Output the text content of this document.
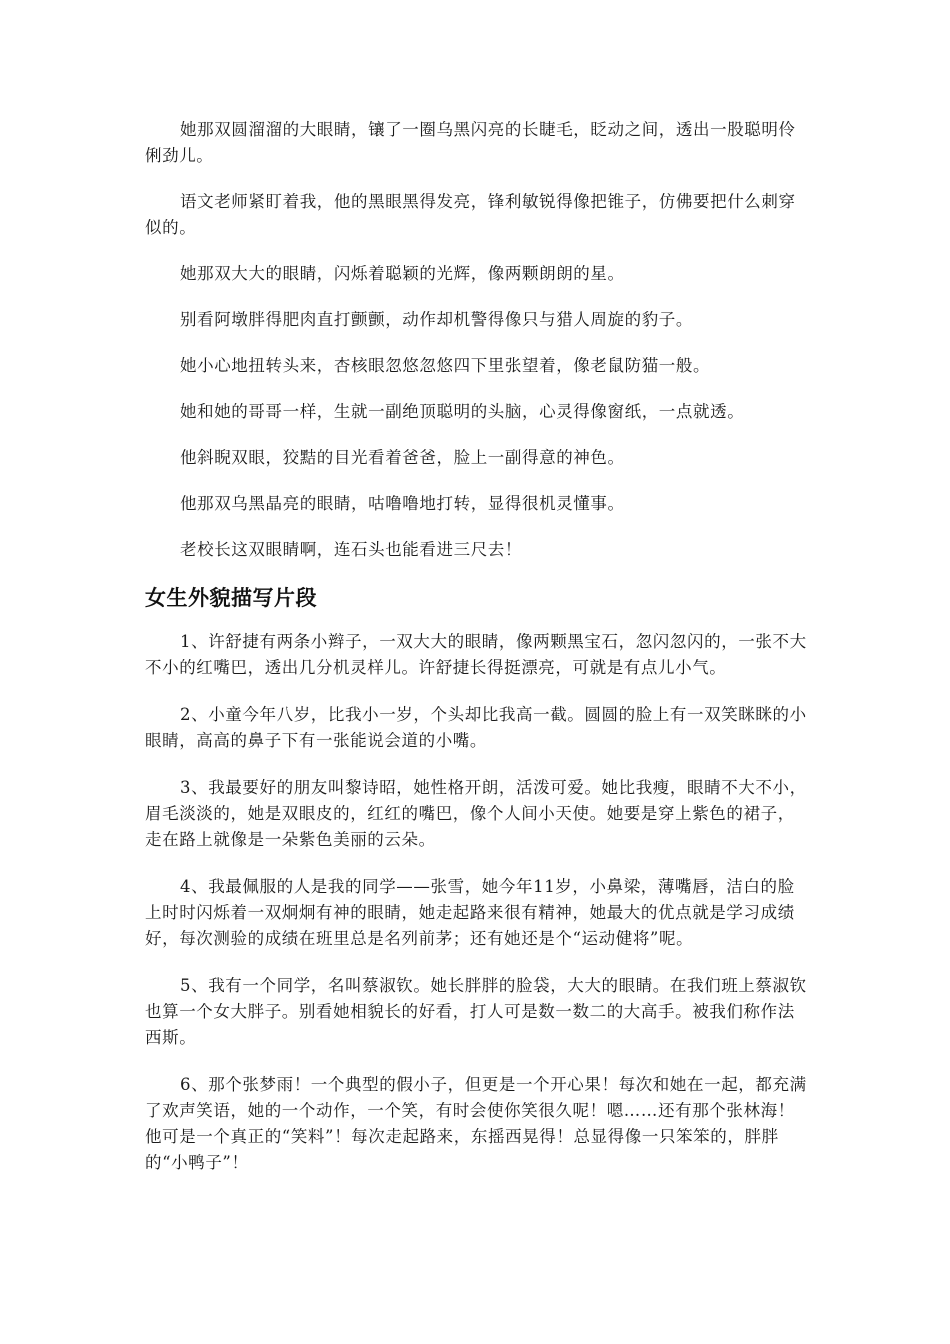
她那双圆溜溜的大眼睛，镶了一圈乌黑闪亮的长睫毛，眨动之间，透出一股聪明伶俐劲儿。

语文老师紧盯着我，他的黑眼黑得发亮，锋利敏锐得像把锥子，仿佛要把什么刺穿似的。

她那双大大的眼睛，闪烁着聪颖的光辉，像两颗朗朗的星。

别看阿墩胖得肥肉直打颤颤，动作却机警得像只与猎人周旋的豹子。

她小心地扭转头来，杏核眼忽悠忽悠四下里张望着，像老鼠防猫一般。

她和她的哥哥一样，生就一副绝顶聪明的头脑，心灵得像窗纸，一点就透。

他斜睨双眼，狡黠的目光看着爸爸，脸上一副得意的神色。

他那双乌黑晶亮的眼睛，咕噜噜地打转，显得很机灵懂事。

老校长这双眼睛啊，连石头也能看进三尺去！

女生外貌描写片段

1、许舒捷有两条小辫子，一双大大的眼睛，像两颗黑宝石，忽闪忽闪的，一张不大不小的红嘴巴，透出几分机灵样儿。许舒捷长得挺漂亮，可就是有点儿小气。

2、小童今年八岁，比我小一岁，个头却比我高一截。圆圆的脸上有一双笑眯眯的小眼睛，高高的鼻子下有一张能说会道的小嘴。

3、我最要好的朋友叫黎诗昭，她性格开朗，活泼可爱。她比我瘦，眼睛不大不小，眉毛淡淡的，她是双眼皮的，红红的嘴巴，像个人间小天使。她要是穿上紫色的裙子，走在路上就像是一朵紫色美丽的云朵。

4、我最佩服的人是我的同学——张雪，她今年11岁，小鼻梁，薄嘴唇，洁白的脸上时时闪烁着一双炯炯有神的眼睛，她走起路来很有精神，她最大的优点就是学习成绩好，每次测验的成绩在班里总是名列前茅；还有她还是个“运动健将”呢。

5、我有一个同学，名叫蔡淑钦。她长胖胖的脸袋，大大的眼睛。在我们班上蔡淑钦也算一个女大胖子。别看她相貌长的好看，打人可是数一数二的大高手。被我们称作法西斯。

6、那个张梦雨！一个典型的假小子，但更是一个开心果！每次和她在一起，都充满了欢声笑语，她的一个动作，一个笑，有时会使你笑很久呢！嗯……还有那个张林海！他可是一个真正的“笑料”！每次走起路来，东摇西晃得！总显得像一只笨笨的，胖胖的“小鸭子”！
